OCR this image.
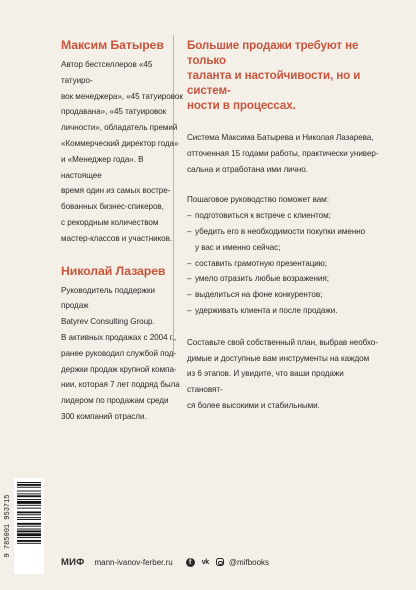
Максим Батырев

Автор бестселлеров «45 татуиро-
вок менеджера», «45 татуировок
продавана», «45 татуировок
личности», обладатель премий
«Коммерческий директор года»
и «Менеджер года». В настоящее
время один из самых востре-
бованных бизнес-спикеров,
с рекордным количеством
мастер-классов и участников.

Николай Лазарев

Руководитель поддержки продаж
Batyrev Consulting Group.
В активных продажах с 2004 г.,
ранее руководил службой под-
держки продаж крупной компа-
нии, которая 7 лет подряд была
лидером по продажам среди
300 компаний отрасли.

Большие продажи требуют не только
таланта и настойчивости, но и систем-
ности в процессах.

Система Максима Батырева и Николая Лазарева,
отточенная 15 годами работы, практически универ-
сальна и отработана ими лично.

Пошаговое руководство поможет вам:

– подготовиться к встрече с клиентом;
– убедить его в необходимости покупки именно
у вас и именно сейчас;
– составить грамотную презентацию;
– умело отразить любые возражения;
– выделиться на фоне конкурентов;
– удерживать клиента и после продажи.

Составьте свой собственный план, выбрав необхо-
димые и доступные вам инструменты на каждом
из 6 этапов. И увидите, что ваши продажи становят-
ся более высокими и стабильными.

9 785001 953715
МИФ mann-ivanov-ferber.ru	f	vk	@mifbooks
